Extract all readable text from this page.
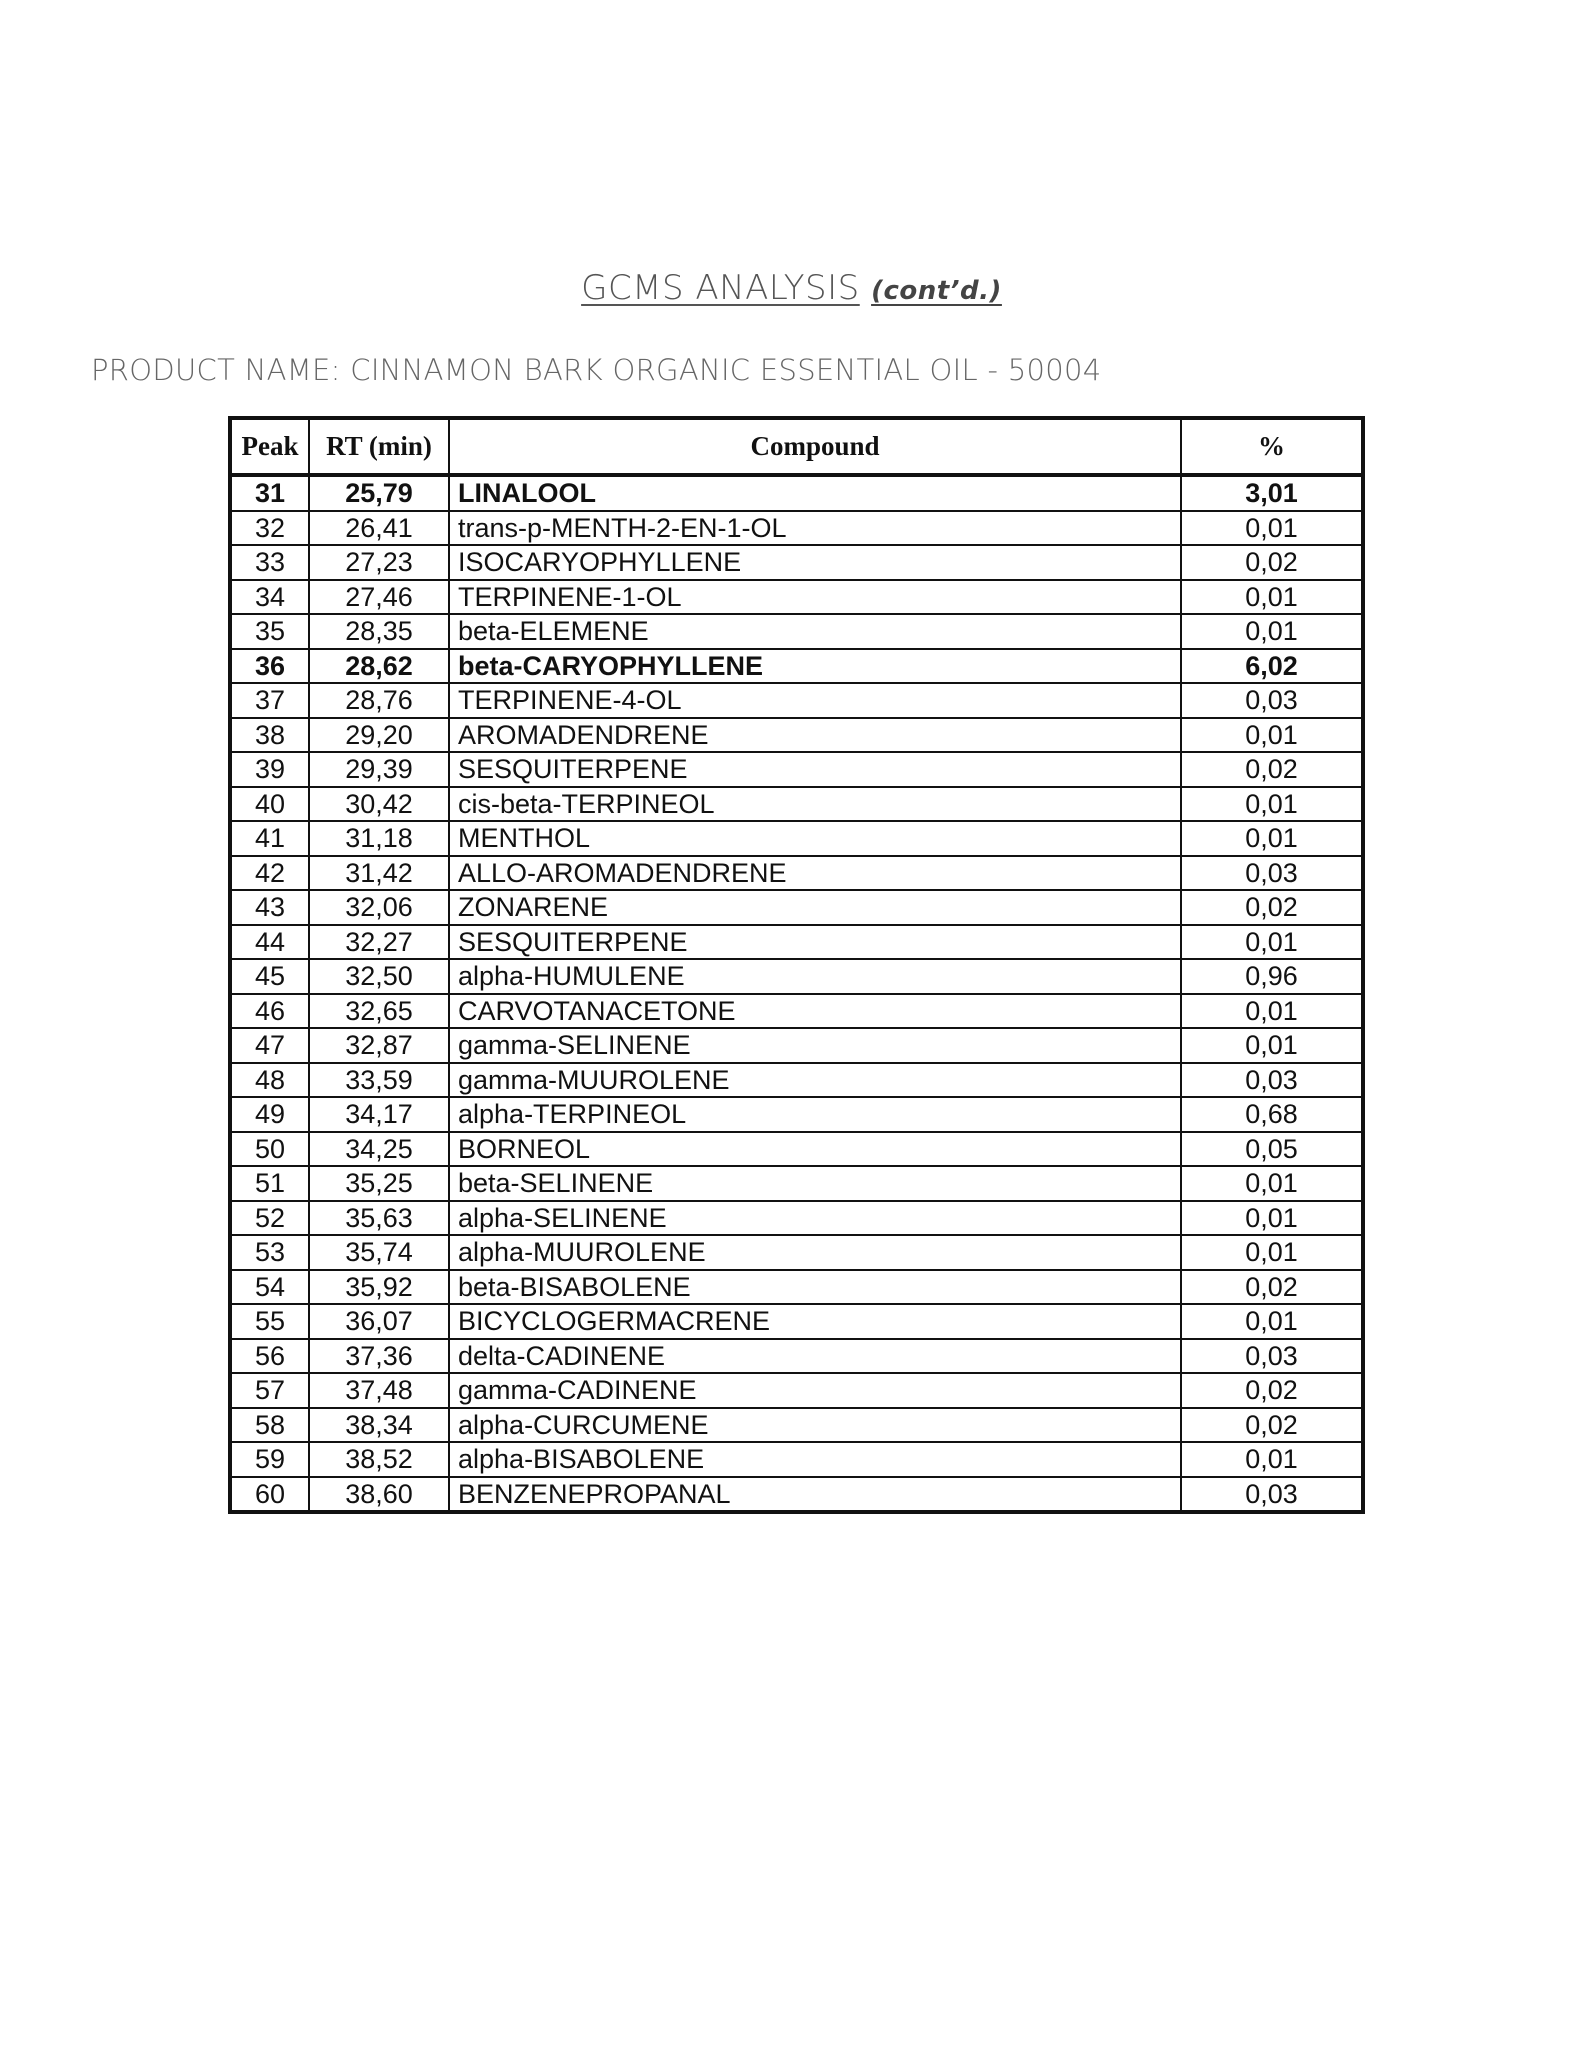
GCMS ANALYSIS (cont’d.)
PRODUCT NAME: CINNAMON BARK ORGANIC ESSENTIAL OIL - 50004
Peak	RT (min)	Compound	%
31	25,79	LINALOOL	3,01
32	26,41	trans-p-MENTH-2-EN-1-OL	0,01
33	27,23	ISOCARYOPHYLLENE	0,02
34	27,46	TERPINENE-1-OL	0,01
35	28,35	beta-ELEMENE	0,01
36	28,62	beta-CARYOPHYLLENE	6,02
37	28,76	TERPINENE-4-OL	0,03
38	29,20	AROMADENDRENE	0,01
39	29,39	SESQUITERPENE	0,02
40	30,42	cis-beta-TERPINEOL	0,01
41	31,18	MENTHOL	0,01
42	31,42	ALLO-AROMADENDRENE	0,03
43	32,06	ZONARENE	0,02
44	32,27	SESQUITERPENE	0,01
45	32,50	alpha-HUMULENE	0,96
46	32,65	CARVOTANACETONE	0,01
47	32,87	gamma-SELINENE	0,01
48	33,59	gamma-MUUROLENE	0,03
49	34,17	alpha-TERPINEOL	0,68
50	34,25	BORNEOL	0,05
51	35,25	beta-SELINENE	0,01
52	35,63	alpha-SELINENE	0,01
53	35,74	alpha-MUUROLENE	0,01
54	35,92	beta-BISABOLENE	0,02
55	36,07	BICYCLOGERMACRENE	0,01
56	37,36	delta-CADINENE	0,03
57	37,48	gamma-CADINENE	0,02
58	38,34	alpha-CURCUMENE	0,02
59	38,52	alpha-BISABOLENE	0,01
60	38,60	BENZENEPROPANAL	0,03
